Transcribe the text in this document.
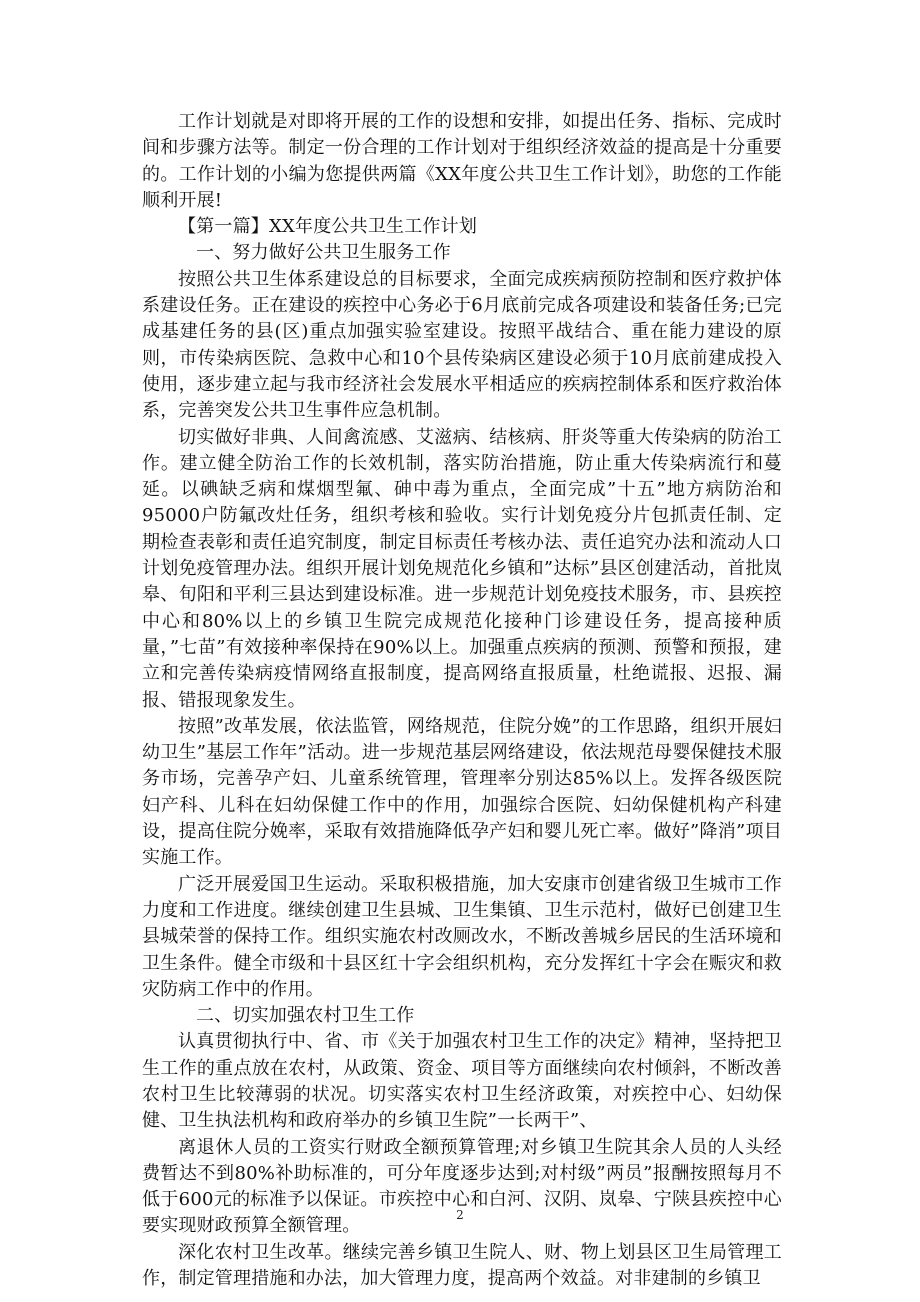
工作计划就是对即将开展的工作的设想和安排，如提出任务、指标、完成时间和步骤方法等。制定一份合理的工作计划对于组织经济效益的提高是十分重要的。工作计划的小编为您提供两篇《XX年度公共卫生工作计划》，助您的工作能顺利开展!

【第一篇】XX年度公共卫生工作计划

一、努力做好公共卫生服务工作

按照公共卫生体系建设总的目标要求，全面完成疾病预防控制和医疗救护体系建设任务。正在建设的疾控中心务必于6月底前完成各项建设和装备任务;已完成基建任务的县(区)重点加强实验室建设。按照平战结合、重在能力建设的原则，市传染病医院、急救中心和10个县传染病区建设必须于10月底前建成投入使用，逐步建立起与我市经济社会发展水平相适应的疾病控制体系和医疗救治体系，完善突发公共卫生事件应急机制。

切实做好非典、人间禽流感、艾滋病、结核病、肝炎等重大传染病的防治工作。建立健全防治工作的长效机制，落实防治措施，防止重大传染病流行和蔓延。以碘缺乏病和煤烟型氟、砷中毒为重点，全面完成”十五”地方病防治和95000户防氟改灶任务，组织考核和验收。实行计划免疫分片包抓责任制、定期检查表彰和责任追究制度，制定目标责任考核办法、责任追究办法和流动人口计划免疫管理办法。组织开展计划免规范化乡镇和”达标”县区创建活动，首批岚皋、旬阳和平利三县达到建设标准。进一步规范计划免疫技术服务，市、县疾控中心和80%以上的乡镇卫生院完成规范化接种门诊建设任务，提高接种质量，”七苗”有效接种率保持在90%以上。加强重点疾病的预测、预警和预报，建立和完善传染病疫情网络直报制度，提高网络直报质量，杜绝谎报、迟报、漏报、错报现象发生。

按照”改革发展，依法监管，网络规范，住院分娩”的工作思路，组织开展妇幼卫生”基层工作年”活动。进一步规范基层网络建设，依法规范母婴保健技术服务市场，完善孕产妇、儿童系统管理，管理率分别达85%以上。发挥各级医院妇产科、儿科在妇幼保健工作中的作用，加强综合医院、妇幼保健机构产科建设，提高住院分娩率，采取有效措施降低孕产妇和婴儿死亡率。做好”降消”项目实施工作。

广泛开展爱国卫生运动。采取积极措施，加大安康市创建省级卫生城市工作力度和工作进度。继续创建卫生县城、卫生集镇、卫生示范村，做好已创建卫生县城荣誉的保持工作。组织实施农村改厕改水，不断改善城乡居民的生活环境和卫生条件。健全市级和十县区红十字会组织机构，充分发挥红十字会在赈灾和救灾防病工作中的作用。

二、切实加强农村卫生工作

认真贯彻执行中、省、市《关于加强农村卫生工作的决定》精神，坚持把卫生工作的重点放在农村，从政策、资金、项目等方面继续向农村倾斜，不断改善农村卫生比较薄弱的状况。切实落实农村卫生经济政策，对疾控中心、妇幼保健、卫生执法机构和政府举办的乡镇卫生院”一长两干”、

离退休人员的工资实行财政全额预算管理;对乡镇卫生院其余人员的人头经费暂达不到80%补助标准的，可分年度逐步达到;对村级”两员”报酬按照每月不低于600元的标准予以保证。市疾控中心和白河、汉阴、岚皋、宁陕县疾控中心要实现财政预算全额管理。

深化农村卫生改革。继续完善乡镇卫生院人、财、物上划县区卫生局管理工作，制定管理措施和办法，加大管理力度，提高两个效益。对非建制的乡镇卫

2
